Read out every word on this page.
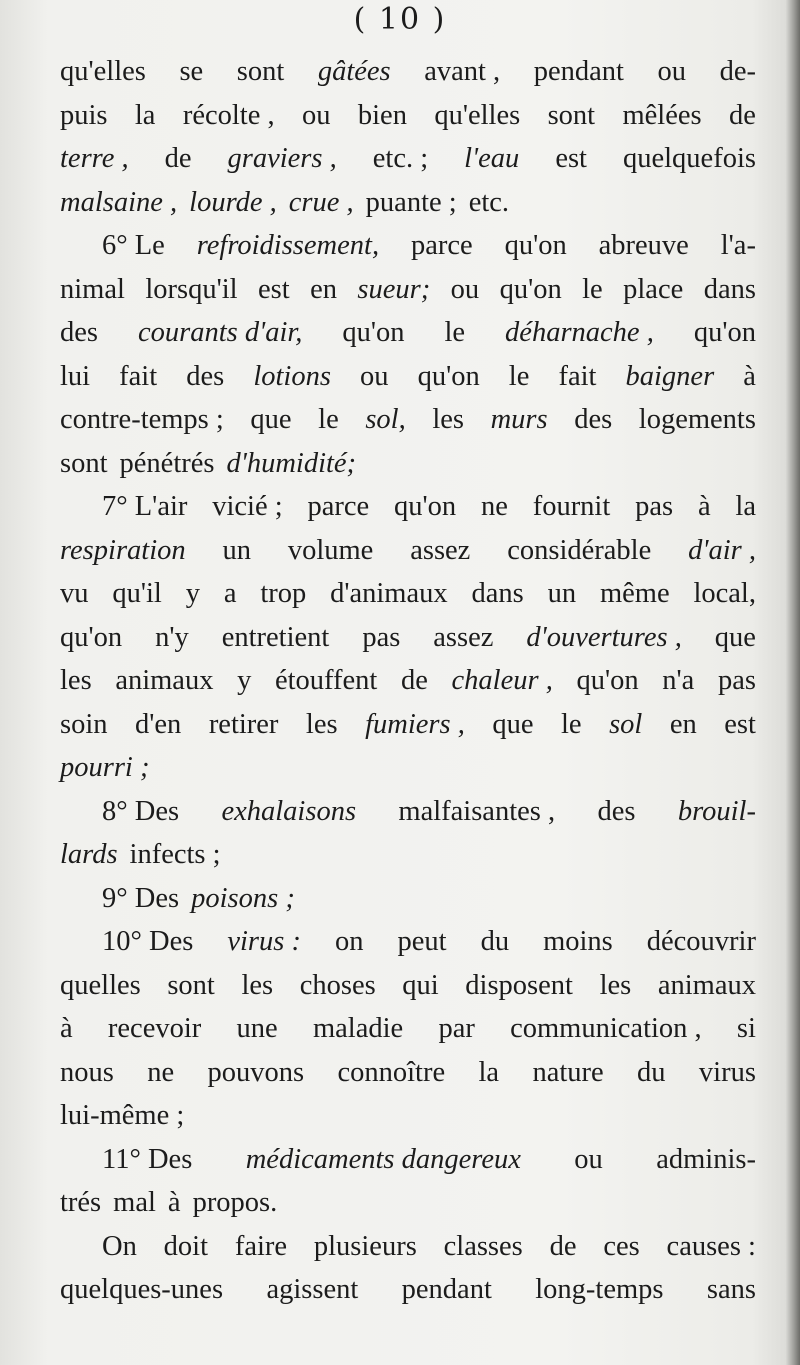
( 10 )
qu'elles se sont gâtées avant , pendant ou de-
puis la récolte , ou bien qu'elles sont mêlées de
terre , de graviers , etc. ; l'eau est quelquefois
malsaine , lourde , crue , puante ; etc.
6° Le refroidissement, parce qu'on abreuve l'a-
nimal lorsqu'il est en sueur; ou qu'on le place dans
des courants d'air, qu'on le déharnache , qu'on
lui fait des lotions ou qu'on le fait baigner à
contre-temps ; que le sol, les murs des logements
sont pénétrés d'humidité;
7° L'air vicié ; parce qu'on ne fournit pas à la
respiration un volume assez considérable d'air ,
vu qu'il y a trop d'animaux dans un même local,
qu'on n'y entretient pas assez d'ouvertures , que
les animaux y étouffent de chaleur , qu'on n'a pas
soin d'en retirer les fumiers , que le sol en est
pourri ;
8° Des exhalaisons malfaisantes , des brouil-
lards infects ;
9° Des poisons ;
10° Des virus : on peut du moins découvrir
quelles sont les choses qui disposent les animaux
à recevoir une maladie par communication , si
nous ne pouvons connoître la nature du virus
lui-même ;
11° Des médicaments dangereux ou adminis-
trés mal à propos.
On doit faire plusieurs classes de ces causes :
quelques-unes agissent pendant long-temps sans
